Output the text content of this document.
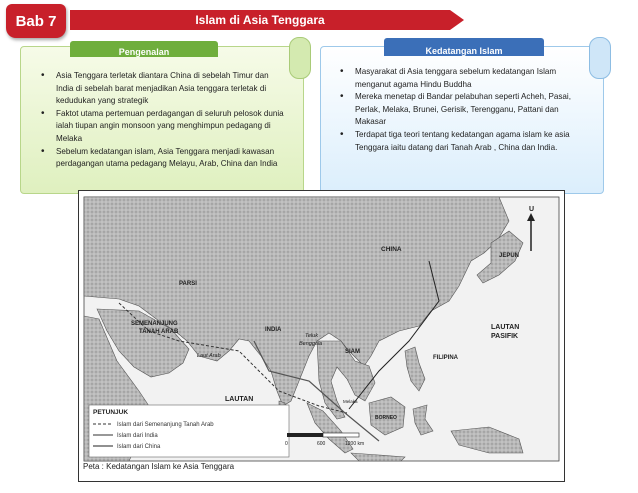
Bab 7	Islam di Asia Tenggara
Pengenalan
• Asia Tenggara terletak diantara China di sebelah Timur dan India di sebelah barat menjadikan Asia tenggara terletak di kedudukan yang strategik
• Faktot utama pertemuan perdagangan di seluruh pelosok dunia ialah tiupan angin monsoon yang menghimpun pedagang di Melaka
• Sebelum kedatangan islam, Asia Tenggara menjadi kawasan perdagangan utama pedagang Melayu, Arab, China dan India
Kedatangan Islam
• Masyarakat di Asia tenggara sebelum kedatangan Islam menganut agama Hindu Buddha
• Mereka menetap di Bandar pelabuhan seperti Acheh, Pasai, Perlak, Melaka, Brunei, Gerisik, Terengganu, Pattani dan Makasar
• Terdapat tiga teori tentang kedatangan agama islam ke asia Tenggara iaitu datang dari Tanah Arab , China dan India.
CHINA
JEPUN
PARSI
SEMENANJUNG
TANAH ARAB
Laut Arab
INDIA
Teluk
Benggala
SIAM
FILIPINA
LAUTAN
PASIFIK
LAUTAN
BORNEO
Melaka
U
PETUNJUK
Islam dari Semenanjung Tanah Arab
Islam dari India
Islam dari China	0	600	1200 km
Peta : Kedatangan Islam ke Asia Tenggara
